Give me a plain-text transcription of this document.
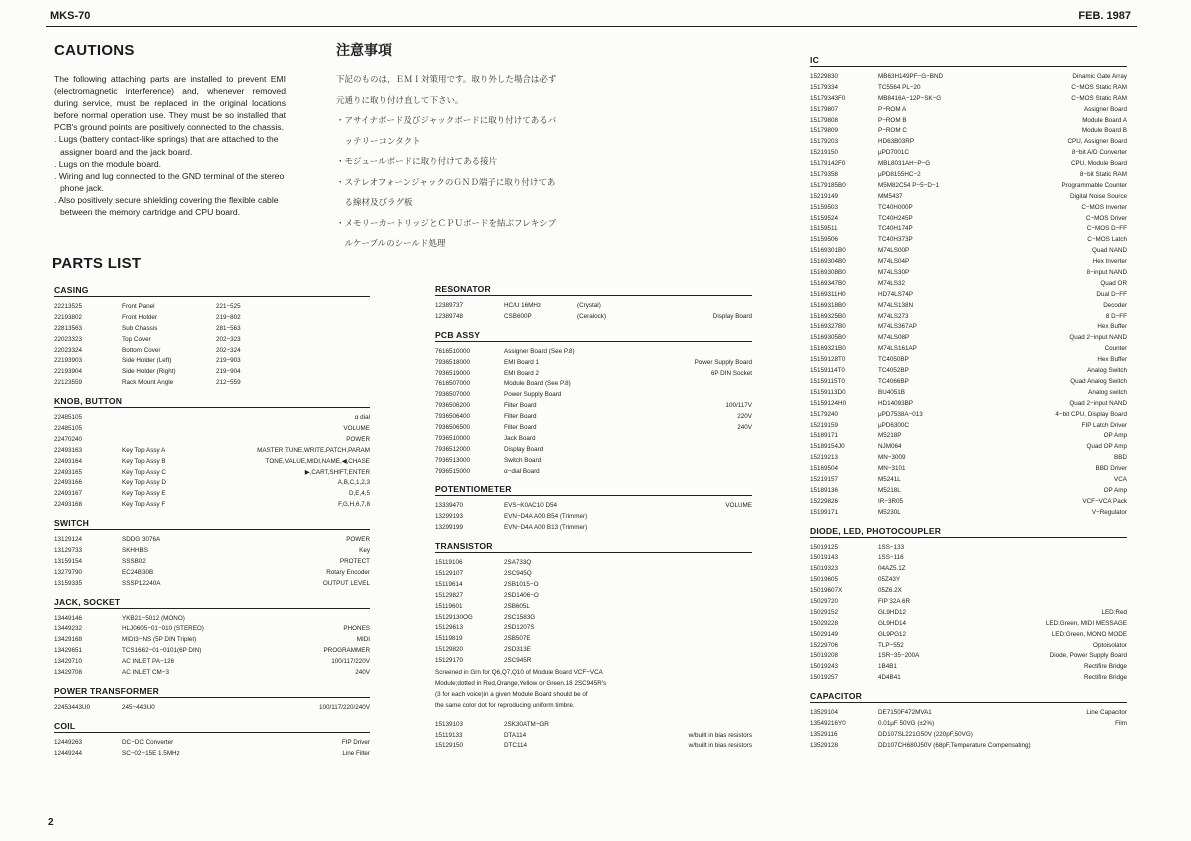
MKS-70	FEB. 1987
CAUTIONS

The following attaching parts are installed to prevent EMI (electromagnetic interference) and, whenever removed during service, must be replaced in the original locations before normal operation use. They must be so installed that PCB's ground points are positively connected to the chassis.

. Lugs (battery contact-like springs) that are attached to the assigner board and the jack board.

. Lugs on the module board.

. Wiring and lug connected to the GND terminal of the stereo phone jack.

. Also positively secure shielding covering the flexible cable between the memory cartridge and CPU board.

注意事項
下記のものは，ＥＭＩ対策用です。取り外した場合は必ず
元通りに取り付け直して下さい。
・アサイナボード及びジャックボードに取り付けてあるバ
　ッテリーコンタクト
・モジュールボードに取り付けてある接片
・ステレオフォーンジャックのＧＮＤ端子に取り付けてあ
　る線材及びラグ板
・メモリーカートリッジとＣＰＵボードを結ぶフレキシブ
　ルケーブルのシールド処理
PARTS LIST
CASING
22213525	Front Panel	221−525
22193802	Front Holder	219−802
22813563	Sub Chassis	281−563
22023323	Top Cover	202−323
22023324	Bottom Cover	202−324
22193903	Side Holder (Left)	219−903
22193904	Side Holder (Right)	219−904
22123559	Rack Mount Angle	212−559
KNOB, BUTTON
22485105	α dial
22485105	VOLUME
22470240	POWER
22493163	Key Top Assy A	MASTER TUNE,WRITE,PATCH,PARAM
22493164	Key Top Assy B	TONE,VALUE,MIDI,NAME,◀,CHASE
22493165	Key Top Assy C	▶,CART,SHIFT,ENTER
22493166	Key Top Assy D	A,B,C,1,2,3
22493167	Key Top Assy E	D,E,4,5
22493168	Key Top Assy F	F,G,H,6,7,8
SWITCH
13129124	SDDG 3076A	POWER
13129733	SKHHBS	Key
13159154	SSSB02	PROTECT
13279790	EC24B30B	Rotary Encoder
13159335	SSSP12240A	OUTPUT LEVEL
JACK, SOCKET
13449146	YKB21−5012 (MONO)
13449232	HLJ0605−01−010 (STEREO)	PHONES
13429168	MIDI3−NS (5P DIN Triplet)	MIDI
13429651	TCS1662−01−0101(6P DIN)	PROGRAMMER
13429710	AC INLET PA−126	100/117/220V
13429708	AC INLET CM−3	240V
POWER TRANSFORMER
22453443U0	245−443U0	100/117/220/240V
COIL
12449263	DC−DC Converter	FIP Driver
12449244	SC−02−15E 1.5MHz	Line Filter
RESONATOR
12389737	HC/U 16MHz	(Crystal)
12389748	CSB600P	(Ceralock)	Display Board
PCB ASSY
7616510000	Assigner Board (See P.8)
7936518000	EMI Board 1	Power Supply Board
7936519000	EMI Board 2	6P DIN Socket
7616507000	Module Board (See P.8)
7936507000	Power Supply Board
7936506200	Filter Board	100/117V
7936506400	Filter Board	220V
7936506500	Filter Board	240V
7936510000	Jack Board
7936512000	Display Board
7936513000	Switch Board
7936515000	α−dial Board
POTENTIOMETER
13339470	EVS−K0AC10 D54	VOLUME
13299193	EVN−D4A A00 B54 (Trimmer)
13299199	EVN−D4A A00 B13 (Trimmer)
TRANSISTOR
15119106	2SA733Q
15129107	2SC945Q
15119614	2SB1015−O
15129827	2SD1406−O
15119601	2SB605L
15129130OG	2SC1583G
15129613	2SD1207S
15119819	2SB507E
15129820	2SD313E
15129170	2SC945R
Screened in Grn for Q6,Q7,Q10 of Module Board VCF−VCA
Module;dotted in Red,Orange,Yellow or Green.18 2SC945R's
(3 for each voice)in a given Module Board should be of
the same color dot for reproducing uniform timbre.
15139103	2SK30ATM−GR
15119133	DTA114	w/built in bias resistors
15129150	DTC114	w/built in bias resistors
IC
15229830	MB63H149PF−G−BND	Dinamic Gate Array
15179334	TC5564 PL−20	C−MOS Static RAM
15179343F0	MB8416A−12P−SK−G	C−MOS Static RAM
15179807	P−ROM A	Assigner Board
15179808	P−ROM B	Module Board A
15179809	P−ROM C	Module Board B
15179203	HD63B03RP	CPU, Assigner Board
15219150	μPD7001C	8−bit A/D Converter
15179142F0	MBL8031AH−P−G	CPU, Module Board
15179358	μPD8155HC−2	8−bit Static RAM
15179185B0	M5M82C54 P−5−D−1	Programmable Counter
15219149	MM5437	Digital Noise Source
15159503	TC40H000P	C−MOS Inverter
15159524	TC40H245P	C−MOS Driver
15159511	TC40H174P	C−MOS D−FF
15159506	TC40H373P	C−MOS Latch
15169301B0	M74LS00P	Quad NAND
15169304B0	M74LS04P	Hex Inverter
15169308B0	M74LS30P	8−input NAND
15169347B0	M74LS32	Quad OR
15169311H0	HD74LS74P	Dual D−FF
15169318B0	M74LS138N	Decoder
15169325B0	M74LS273	8 D−FF
15169327B0	M74LS367AP	Hex Buffer
15169305B0	M74LS08P	Quad 2−input NAND
15169321B0	M74LS161AP	Counter
15159128T0	TC4050BP	Hex Buffer
15159114T0	TC4052BP	Analog Switch
15159115T0	TC4066BP	Quad Analog Switch
15159113D0	BU4051B	Analog switch
15159124H0	HD14093BP	Quad 2−input NAND
15179240	μPD7538A−013	4−bit CPU, Display Board
15219159	μPD6300C	FIP Latch Driver
15189171	M5218P	OP Amp
15189154J0	NJM064	Quad OP Amp
15219213	MN−3009	BBD
15169504	MN−3101	BBD Driver
15219157	M5241L	VCA
15189136	M5218L	OP Amp
15229826	IR−3R05	VCF−VCA Pack
15199171	M5230L	V−Regulator
DIODE, LED, PHOTOCOUPLER
15019125	1SS−133
15019143	1SS−116
15019323	04AZ5.1Z
15019605	05Z43Y
15019607X	05Z6.2X
15029720	FIP 32A 6R
15029152	GL9HD12	LED:Red
15029228	GL9HD14	LED:Green, MIDI MESSAGE
15029149	GL9PG12	LED:Green, MONO MODE
15229706	TLP−552	Optoisolator
15019208	1SR−35−200A	Diode, Power Supply Board
15019243	1B4B1	Rectifire Bridge
15019257	4D4B41	Rectifire Bridge
CAPACITOR
13529104	DE7150F472MVA1	Line Capacitor
13549216Y0	0.01μF 50VG (±2%)	Film
13529116	DD107SL221G50V (220pF,50VG)
13529128	DD107CH680J50V (68pF,Temperature Compensating)
2
